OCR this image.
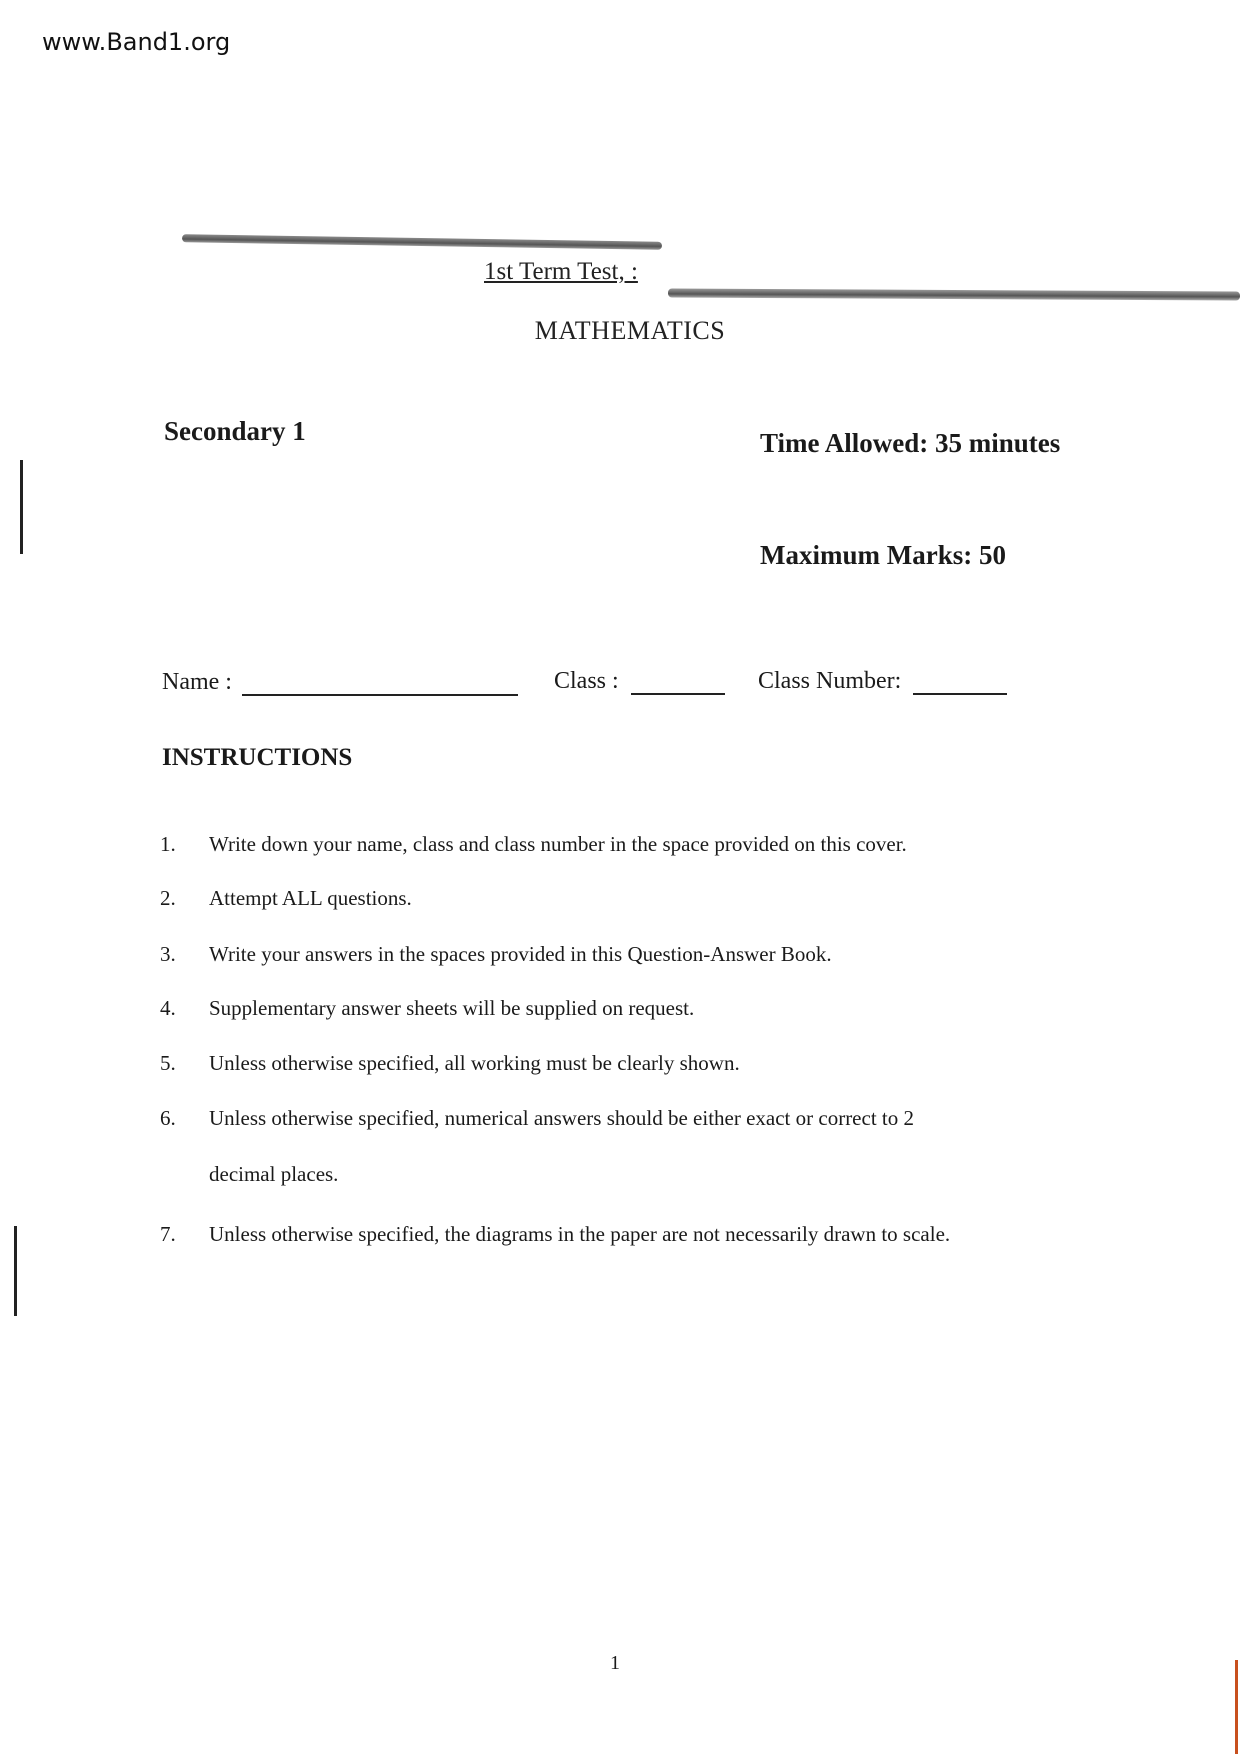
www.Band1.org
1st Term Test, :
MATHEMATICS
Secondary 1	Time Allowed: 35 minutes
Maximum Marks: 50
Name :	Class :	Class Number:
INSTRUCTIONS
1. Write down your name, class and class number in the space provided on this cover.
2. Attempt ALL questions.
3. Write your answers in the spaces provided in this Question-Answer Book.
4. Supplementary answer sheets will be supplied on request.
5. Unless otherwise specified, all working must be clearly shown.
6. Unless otherwise specified, numerical answers should be either exact or correct to 2
decimal places.
7. Unless otherwise specified, the diagrams in the paper are not necessarily drawn to scale.
1
